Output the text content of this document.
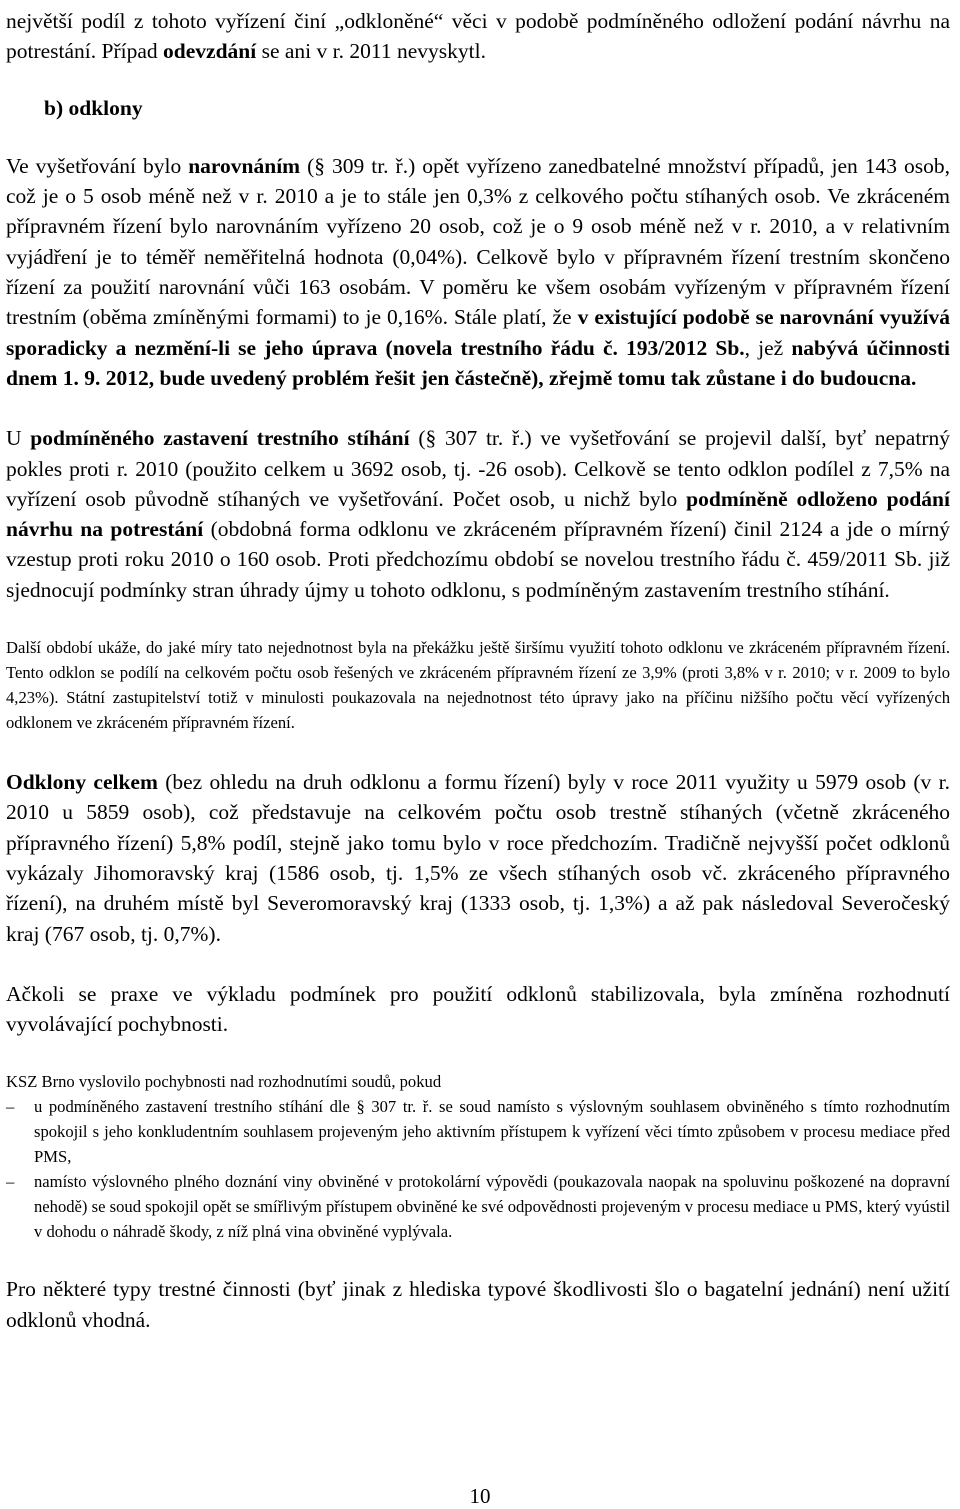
největší podíl z tohoto vyřízení činí „odkloněné“ věci v podobě podmíněného odložení podání návrhu na potrestání. Případ odevzdání se ani v r. 2011 nevyskytl.

b) odklony

Ve vyšetřování bylo narovnáním (§ 309 tr. ř.) opět vyřízeno zanedbatelné množství případů, jen 143 osob, což je o 5 osob méně než v r. 2010 a je to stále jen 0,3% z celkového počtu stíhaných osob. Ve zkráceném přípravném řízení bylo narovnáním vyřízeno 20 osob, což je o 9 osob méně než v r. 2010, a v relativním vyjádření je to téměř neměřitelná hodnota (0,04%). Celkově bylo v přípravném řízení trestním skončeno řízení za použití narovnání vůči 163 osobám. V poměru ke všem osobám vyřízeným v přípravném řízení trestním (oběma zmíněnými formami) to je 0,16%. Stále platí, že v existující podobě se narovnání využívá sporadicky a nezmění-li se jeho úprava (novela trestního řádu č. 193/2012 Sb., jež nabývá účinnosti dnem 1. 9. 2012, bude uvedený problém řešit jen částečně), zřejmě tomu tak zůstane i do budoucna.

U podmíněného zastavení trestního stíhání (§ 307 tr. ř.) ve vyšetřování se projevil další, byť nepatrný pokles proti r. 2010 (použito celkem u 3692 osob, tj. -26 osob). Celkově se tento odklon podílel z 7,5% na vyřízení osob původně stíhaných ve vyšetřování. Počet osob, u nichž bylo podmíněně odloženo podání návrhu na potrestání (obdobná forma odklonu ve zkráceném přípravném řízení) činil 2124 a jde o mírný vzestup proti roku 2010 o 160 osob. Proti předchozímu období se novelou trestního řádu č. 459/2011 Sb. již sjednocují podmínky stran úhrady újmy u tohoto odklonu, s podmíněným zastavením trestního stíhání.

Další období ukáže, do jaké míry tato nejednotnost byla na překážku ještě širšímu využití tohoto odklonu ve zkráceném přípravném řízení. Tento odklon se podílí na celkovém počtu osob řešených ve zkráceném přípravném řízení ze 3,9% (proti 3,8% v r. 2010; v r. 2009 to bylo 4,23%). Státní zastupitelství totiž v minulosti poukazovala na nejednotnost této úpravy jako na příčinu nižšího počtu věcí vyřízených odklonem ve zkráceném přípravném řízení.

Odklony celkem (bez ohledu na druh odklonu a formu řízení) byly v roce 2011 využity u 5979 osob (v r. 2010 u 5859 osob), což představuje na celkovém počtu osob trestně stíhaných (včetně zkráceného přípravného řízení) 5,8% podíl, stejně jako tomu bylo v roce předchozím. Tradičně nejvyšší počet odklonů vykázaly Jihomoravský kraj (1586 osob, tj. 1,5% ze všech stíhaných osob vč. zkráceného přípravného řízení), na druhém místě byl Severomoravský kraj (1333 osob, tj. 1,3%) a až pak následoval Severočeský kraj (767 osob, tj. 0,7%).

Ačkoli se praxe ve výkladu podmínek pro použití odklonů stabilizovala, byla zmíněna rozhodnutí vyvolávající pochybnosti.

KSZ Brno vyslovilo pochybnosti nad rozhodnutími soudů, pokud

– u podmíněného zastavení trestního stíhání dle § 307 tr. ř. se soud namísto s výslovným souhlasem obviněného s tímto rozhodnutím spokojil s jeho konkludentním souhlasem projeveným jeho aktivním přístupem k vyřízení věci tímto způsobem v procesu mediace před PMS,
– namísto výslovného plného doznání viny obviněné v protokolární výpovědi (poukazovala naopak na spoluvinu poškozené na dopravní nehodě) se soud spokojil opět se smířlivým přístupem obviněné ke své odpovědnosti projeveným v procesu mediace u PMS, který vyústil v dohodu o náhradě škody, z níž plná vina obviněné vyplývala.

Pro některé typy trestné činnosti (byť jinak z hlediska typové škodlivosti šlo o bagatelní jednání) není užití odklonů vhodná.

10
